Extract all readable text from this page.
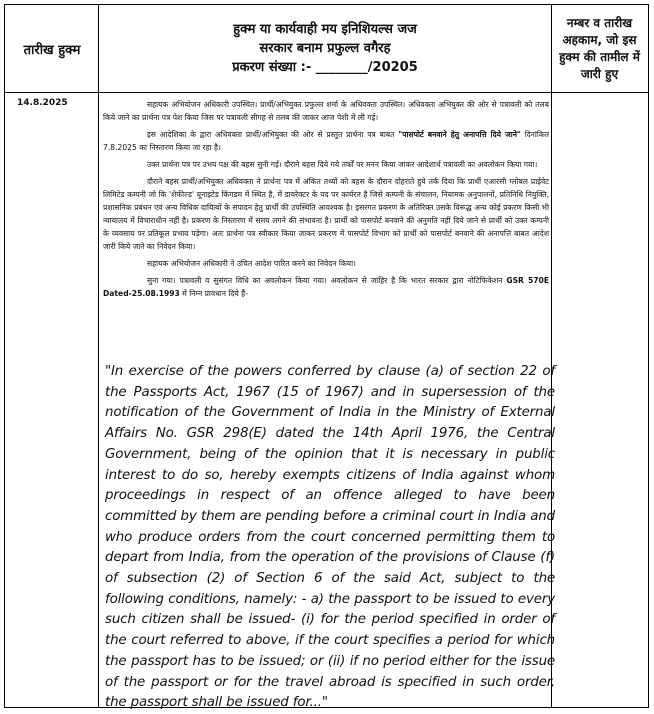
तारीख हुक्म
हुक्म या कार्यवाही मय इनिशियल्स जज
सरकार बनाम प्रफुल्ल वगैरह
प्रकरण संख्या :- ________/20205
नम्बर व तारीख अहकाम, जो इस हुक्म की तामील में जारी हुए
14.8.2025	सहायक अभियोजन अधिकारी उपस्थित। प्रार्थी/अभियुक्त प्रफुल्ल शर्मा के अधिवक्ता उपस्थित। अधिवक्ता अभियुक्त की ओर से पत्रावली को तलब किये जाने का प्रार्थना पत्र पेश किया जिस पर पत्रावली सीगह से तलब की जाकर आज पेशी में ली गई।

इस आदेशिका के द्वारा अधिवक्ता प्रार्थी/अभियुक्त की ओर से प्रस्तुत प्रार्थना पत्र बाबत "पासपोर्ट बनवाने हेतु अनापत्ति दिये जाने" दिनांकित 7.8.2025 का निस्तारण किया जा रहा है।

उक्त प्रार्थना पत्र पर उभय पक्ष की बहस सुनी गई। दौराने बहस दिये गये तर्कों पर मनन किया जाकर आदेशार्थ पत्रावली का अवलोकन किया गया।

दौराने बहस प्रार्थी/अभियुक्त अधिवक्ता ने प्रार्थना पत्र में अंकित तथ्यों को बहस के दौरान दोहराते हुये तर्क दिया कि प्रार्थी एआरसी ग्लोबल प्राईवेट लिमिटेड कम्पनी जो कि 'शेफील्ड' यूनाइटेड किंगडम में स्थित है, में डायरेक्टर के पद पर कार्यरत है जिसे कम्पनी के संचालन, नियामक अनुपालनों, प्रतिनिधि नियुक्ति, प्रशासनिक प्रबंधन एवं अन्य विधिक दायित्वों के संपादन हेतु प्रार्थी की उपस्थिति आवश्यक है। इसरगत प्रकरण के अतिरिक्त उसके विरूद्ध अन्य कोई प्रकरण किसी भी न्यायालय में विचाराधीन नहीं है। प्रकरण के निस्तारण में समय लगने की संभावना है। प्रार्थी को पासपोर्ट बनवाने की अनुमति नहीं दिये जाने से प्रार्थी को उक्त कम्पनी के व्यवसाय पर प्रतिकूल प्रभाव पड़ेगा। अतः प्रार्थना पत्र स्वीकार किया जाकर प्रकरण में पासपोर्ट विभाग को प्रार्थी को पासपोर्ट बनवाने की अनापत्ति बाबत आदेश जारी किये जाने का निवेदन किया।

सहायक अभियोजन अधिकारी ने उचित आदेश पारित करने का निवेदन किया।

सुना गया। पत्रावली व सुसंगत विधि का अवलोकन किया गया। अवलोकन से जाहिर है कि भारत सरकार द्वारा नोटिफिकेशन GSR 570E Dated-25.08.1993 में निम्न प्रावधान दिये हैं-

"In exercise of the powers conferred by clause (a) of section 22 of the Passports Act, 1967 (15 of 1967) and in supersession of the notification of the Government of India in the Ministry of External Affairs No. GSR 298(E) dated the 14th April 1976, the Central Government, being of the opinion that it is necessary in public interest to do so, hereby exempts citizens of India against whom proceedings in respect of an offence alleged to have been committed by them are pending before a criminal court in India and who produce orders from the court concerned permitting them to depart from India, from the operation of the provisions of Clause (f) of subsection (2) of Section 6 of the said Act, subject to the following conditions, namely: - a) the passport to be issued to every such citizen shall be issued- (i) for the period specified in order of the court referred to above, if the court specifies a period for which the passport has to be issued; or (ii) if no period either for the issue of the passport or for the travel abroad is specified in such order, the passport shall be issued for..."
